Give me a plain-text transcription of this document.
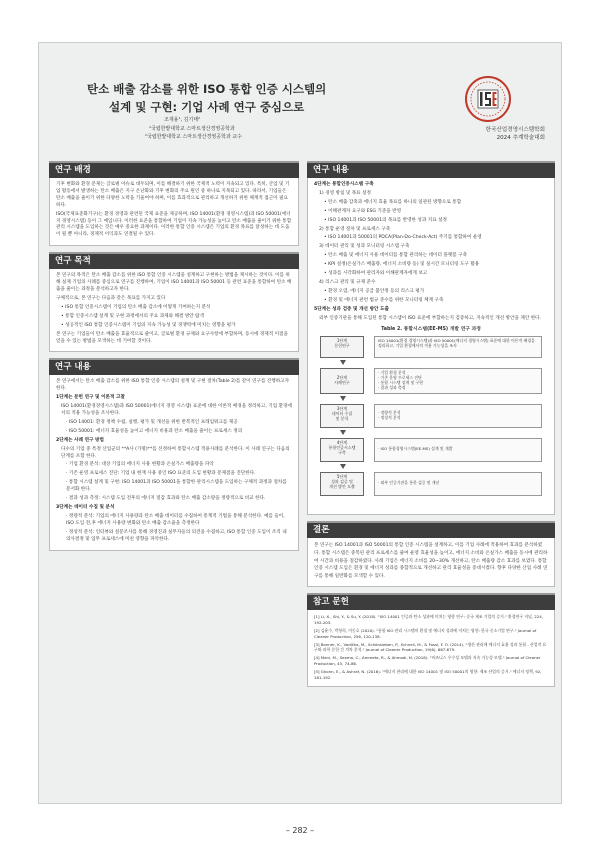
탄소 배출 감소를 위한 ISO 통합 인증 시스템의
설계 및 구현: 기업 사례 연구 중심으로
조재용¹, 김기태²
¹국립한밭대학교 스마트생산경영공학과
²국립한밭대학교 스마트생산경영공학과 교수
한국산업경영시스템학회
2024 추계학술대회
연구 배경

기후 변화와 환경 문제는 글로벌 이슈로 대두되며, 이를 해결하기 위한 국제적 노력이 지속되고 있다. 특히, 산업 및 기업 활동에서 발생하는 탄소 배출은 지구 온난화와 기후 변화의 주요 원인 중 하나로 지목되고 있다. 따라서, 기업들은 탄소 배출을 줄이기 위한 다양한 노력을 기울여야 하며, 이를 효과적으로 관리하고 개선하기 위한 체계적 접근이 필요하다.

ISO(국제표준화기구)는 환경 경영과 관련된 국제 표준을 제공하며, ISO 14001(환경 경영시스템)과 ISO 50001(에너지 경영시스템) 등이 그 예입니다. 이러한 표준을 통합하여 기업이 지속 가능성을 높이고 탄소 배출을 줄이기 위한 통합 관리 시스템을 도입하는 것은 매우 중요한 과제이다. 이러한 통합 인증 시스템은 기업의 환경 목표를 달성하는 데 도움이 될 뿐 아니라, 경제적 이익과도 연결될 수 있다.

연구 목적

본 연구의 목적은 탄소 배출 감소를 위한 ISO 통합 인증 시스템을 설계하고 구현하는 방법을 제시하는 것이다. 이를 위해 실제 기업의 사례를 중심으로 연구를 진행하여, 기업이 ISO 14001과 ISO 50001 등 관련 표준을 통합하여 탄소 배출을 줄이는 과정을 분석하고자 한다.

구체적으로, 본 연구는 다음과 같은 목표를 가지고 있다

• ISO 통합 인증시스템이 기업의 탄소 배출 감소에 어떻게 기여하는지 분석

• 통합 인증시스템 설계 및 구현 과정에서의 주요 과제와 해결 방안 탐색

• 성공적인 ISO 통합 인증시스템이 기업의 지속 가능성 및 경쟁력에 미치는 영향을 평가

본 연구는 기업들이 탄소 배출을 효율적으로 줄이고, 글로벌 환경 규제와 요구사항에 부합하며, 동시에 경제적 이점을 얻을 수 있는 방법을 모색하는 데 기여할 것이다.

연구 내용

본 연구에서는 탄소 배출 감소를 위한 ISO 통합 인증 시스템의 설계 및 구현 절차(Table 2)를 같이 연구를 진행하고자 한다.

1단계는 문헌 연구 및 이론적 고찰

ISO 14001(환경경영시스템)과 ISO 50001(에너지 경영 시스템) 표준에 대한 이론적 배경을 정리하고, 기업 환경에서의 적용 가능성을 조사한다.

· ISO 14001: 환경 정책 수립, 실행, 평가 및 개선을 위한 반복적인 프레임워크를 제공

· ISO 50001: 에너지 효율성을 높이고 에너지 비용과 탄소 배출을 줄이는 프로세스 정의

2단계는 사례 연구 방법

다수의 기업 중 특정 산업군의 **A사 (가명)**를 선정하여 통합시스템 적용사례를 분석한다. 이 사례 연구는 다음의 단계를 포함 한다.

· 기업 환경 분석: 대상 기업의 에너지 사용 현황과 온실가스 배출량을 파악

· 기존 운영 프로세스 진단: 기업 내 현재 사용 중인 ISO 표준의 도입 현황과 문제점을 진단한다.

· 통합 시스템 설계 및 구현: ISO 14001과 ISO 50001을 통합한 관리시스템을 도입하는 구체적 과정과 절차를 문서화 한다.

· 결과 성과 측정: 시스템 도입 전후의 에너지 절감 효과와 탄소 배출 감소량을 정량적으로 비교 한다.

3단계는 데이터 수집 및 분석

· 정량적 분석: 기업의 에너지 사용량과 탄소 배출 데이터를 수집하여 통계적 기법을 통해 분석한다. 예를 들어, ISO 도입 전,후 에너지 사용량 변화와 탄소 배출 감소율을 측정한다

· 정성적 분석: 인터뷰와 설문조사를 통해 경영진과 실무자들의 의견을 수집하고, ISO 통합 인증 도입이 조직 내 의사결정 및 업무 프로세스에 미친 영향을 파악한다.

연구 내용

4단계는 통합인증시스템 구축

1) 경영 방침 및 목표 설정

• 탄소 배출 감축과 에너지 효율 목표를 하나의 일관된 방향으로 통합

• 이해관계자 요구와 ESG 기준을 반영

• ISO 14001과 ISO 50001의 목표를 반영한 성과 지표 설정

2) 통합 운영 절차 및 프로세스 구축

• ISO 14001과 50001의 PDCA(Plan-Do-Check-Act) 주기를 통합하여 운영

3) 데이터 관리 및 성과 모니터링 시스템 구축

• 탄소 배출 및 에너지 사용 데이터를 통합 관리하는 데이터 플랫폼 구축

• KPI 설정(온실가스 배출량, 에너지 소비량 등) 및 실시간 모니터링 도구 활용

• 성과를 시각화하여 관리자와 이해관계자에게 보고

4) 리스크 관리 및 규제 준수

• 환경 오염, 에너지 공급 불안정 등의 리스크 평가

• 환경 및 에너지 관련 법규 준수를 위한 모니터링 체계 구축

5단계는 성과 검증 및 개선 방안 도출

외부 인증기관을 통해 도입된 통합 시스템이 ISO 표준에 부합하는지 검증하고, 지속적인 개선 방안을 제안 한다.

Table 2. 통합시스템(EE-MS) 개발 연구 과정
1단계
문헌연구
ISO 14001(환경 경영시스템)과 ISO 50001(에너지 경영시스템) 표준에 대한 이론적 배경을 정리하고, 기업 환경에서의 적용 가능성을 조사
2단계
사례연구
· 기업 환경 분석
· 기존 운영 프로세스 진단
· 통합 시스템 설계 및 구현
· 결과 성과 측정
3단계
데이터 수집
및 분석
· 정량적 분석
· 정성적 분석
4단계
통합인증시스템
구축
· ISO 통합경영시스템(EE-MS) 설계 및 개발
5단계
성과 검증 및
개선 방안 도출
· 외부 인증기관을 통한 검증 및 개선
결론

본 연구는 ISO 14001과 ISO 50001의 통합 인증 시스템을 설계하고, 이를 기업 사례에 적용하여 효과를 분석하였다. 통합 시스템은 중복된 관리 프로세스를 줄여 운영 효율성을 높이고, 에너지 소비와 온실가스 배출을 동시에 관리하여 시간과 비용을 절감하였다. 사례 기업은 에너지 소비를 20~30% 개선하고, 탄소 배출량 감소 효과를 보였다. 통합 인증 시스템 도입은 환경 및 에너지 성과를 종합적으로 개선하고 관리 효율성을 증대시켰다. 향후 다양한 산업 사례 연구를 통해 일반화를 모색할 수 있다.

참고 문헌

[1] Li, X., Shi, Y., & Su, Y. (2018). "ISO 14001 인증과 탄소 성과에 미치는 영향 연구: 중국 제조 기업의 증거." 환경연구 저널, 224, 192-203.

[2] 김윤수, 박형희, 이동호 (2020). "통합 ISO 관리 시스템의 환경 및 에너지 성과에 미치는 영향: 한국 중소기업 연구." Journal of Cleaner Production, 256, 120-138.

[3] Bonner, K., Vodička, M., Schönsleben, P., Schnell, M., & Fossl, F. O. (2014). "생산 관리에 에너지 효율 성과 통합 - 산업적 요구와 과학 문헌 간 격차 분석." Journal of Cleaner Production, 19(6), 667-679.

[4] Mani, M., Seema, C., Amreeta, R., & Ahmadi, N. (2018). "비즈니스 우수성 모델과 지속 가능성 모델." Journal of Cleaner Production, 45, 74-86.

[5] Ghonn, E., & Ashraf, N. (2016). "에너지 관리에 대한 ISO 14001 및 ISO 50001의 영향: 제조 산업의 증거." 에너지 정책, 92, 181-192.

– 282 –
